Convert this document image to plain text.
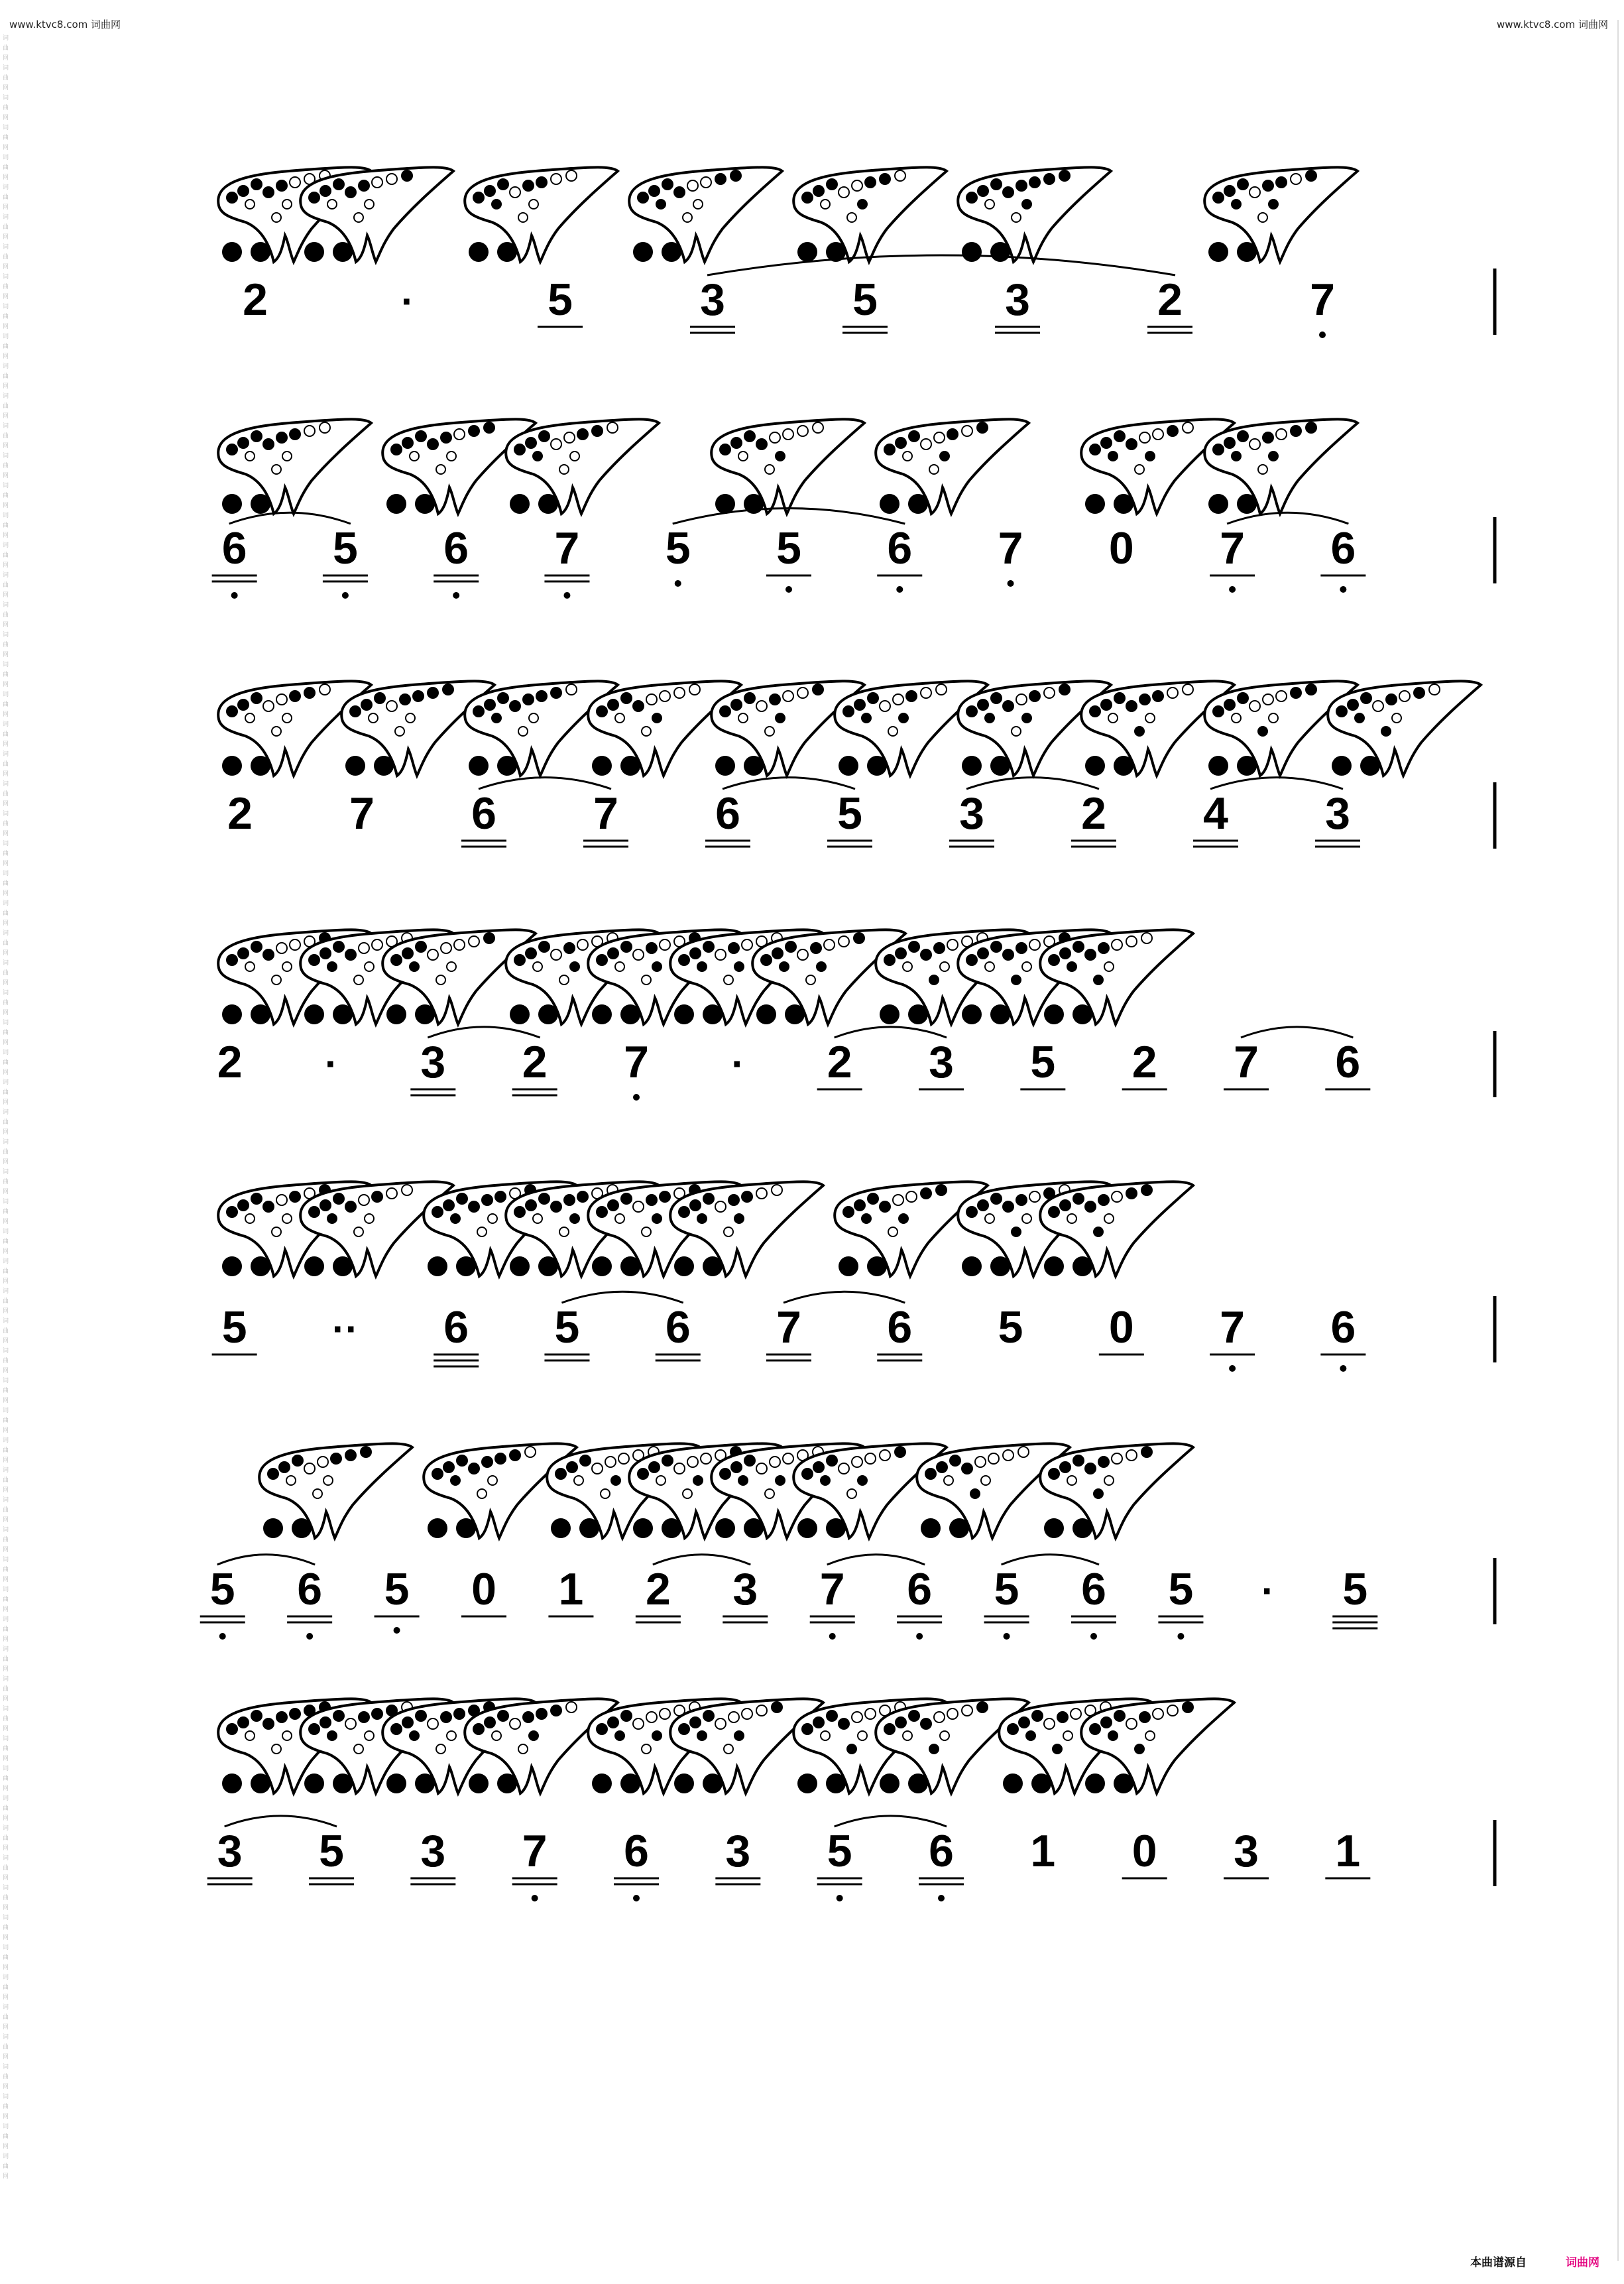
www.ktvc8.com 词曲网	www.ktvc8.com 词曲网
词曲网词曲网词曲网词曲网词曲网词曲网词曲网词曲网词曲网词曲网词曲网词曲网词曲网词曲网词曲网词曲网词曲网词曲网词曲网词曲网词曲网词曲网词曲网词曲网词曲网词曲网词曲网词曲网词曲网词曲网词曲网词曲网词曲网词曲网词曲网词曲网词曲网词曲网词曲网词曲网词曲网词曲网词曲网词曲网词曲网词曲网词曲网词曲网词曲网词曲网词曲网词曲网词曲网词曲网词曲网词曲网词曲网词曲网词曲网词曲网词曲网词曲网词曲网词曲网词曲网词曲网词曲网词曲网词曲网词曲网词曲网词曲网
2	·	5	3	5	3	2	7
6 5 6 7 5 5 6 7 0 7 6
2 7 6 7 6 5 3 2 4 3
2 · 3 2 7 · 2 3 5 2 7 6
5 ·· 6 5 6 7 6 5 0 7 6
5 6 5 0 1 2 3 7 6 5 6 5 · 5
3 5 3 7 6 3 5 6 1 0 3 1
本曲谱源自	词曲网
